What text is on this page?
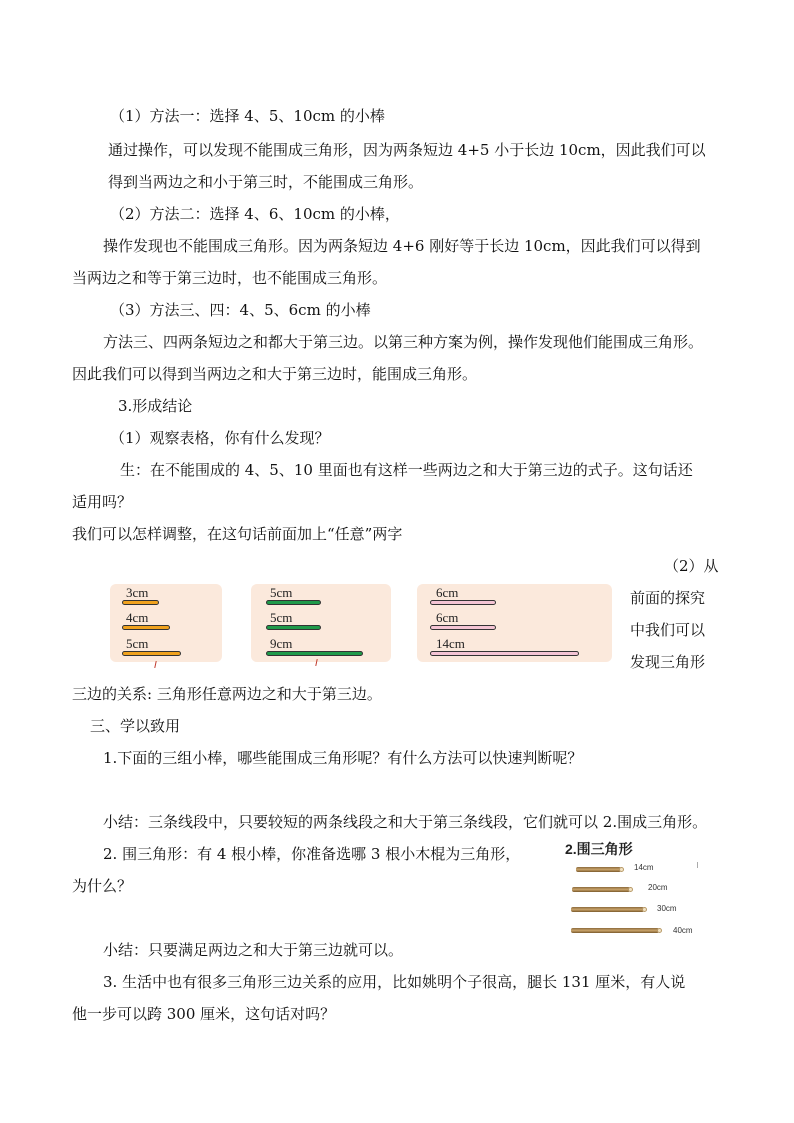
（1）方法一：选择 4、5、10cm 的小棒
通过操作，可以发现不能围成三角形，因为两条短边 4+5 小于长边 10cm，因此我们可以
得到当两边之和小于第三时，不能围成三角形。
（2）方法二：选择 4、6、10cm 的小棒，
操作发现也不能围成三角形。因为两条短边 4+6 刚好等于长边 10cm，因此我们可以得到
当两边之和等于第三边时，也不能围成三角形。
（3）方法三、四：4、5、6cm 的小棒
方法三、四两条短边之和都大于第三边。以第三种方案为例，操作发现他们能围成三角形。
因此我们可以得到当两边之和大于第三边时，能围成三角形。
3.形成结论
（1）观察表格，你有什么发现？
生：在不能围成的 4、5、10 里面也有这样一些两边之和大于第三边的式子。这句话还
适用吗？
我们可以怎样调整，在这句话前面加上“任意”两字
（2）从
前面的探究
中我们可以
发现三角形
三边的关系: 三角形任意两边之和大于第三边。
三、学以致用
1.下面的三组小棒，哪些能围成三角形呢？有什么方法可以快速判断呢？
小结：三条线段中，只要较短的两条线段之和大于第三条线段，它们就可以 2.围成三角形。
2. 围三角形：有 4 根小棒，你准备选哪 3 根小木棍为三角形，
为什么？
小结：只要满足两边之和大于第三边就可以。
3. 生活中也有很多三角形三边关系的应用，比如姚明个子很高，腿长 131 厘米，有人说
他一步可以跨 300 厘米，这句话对吗？
3cm
4cm
5cm
5cm
5cm
9cm
6cm
6cm
14cm
2.围三角形
14cm
20cm
30cm
40cm
